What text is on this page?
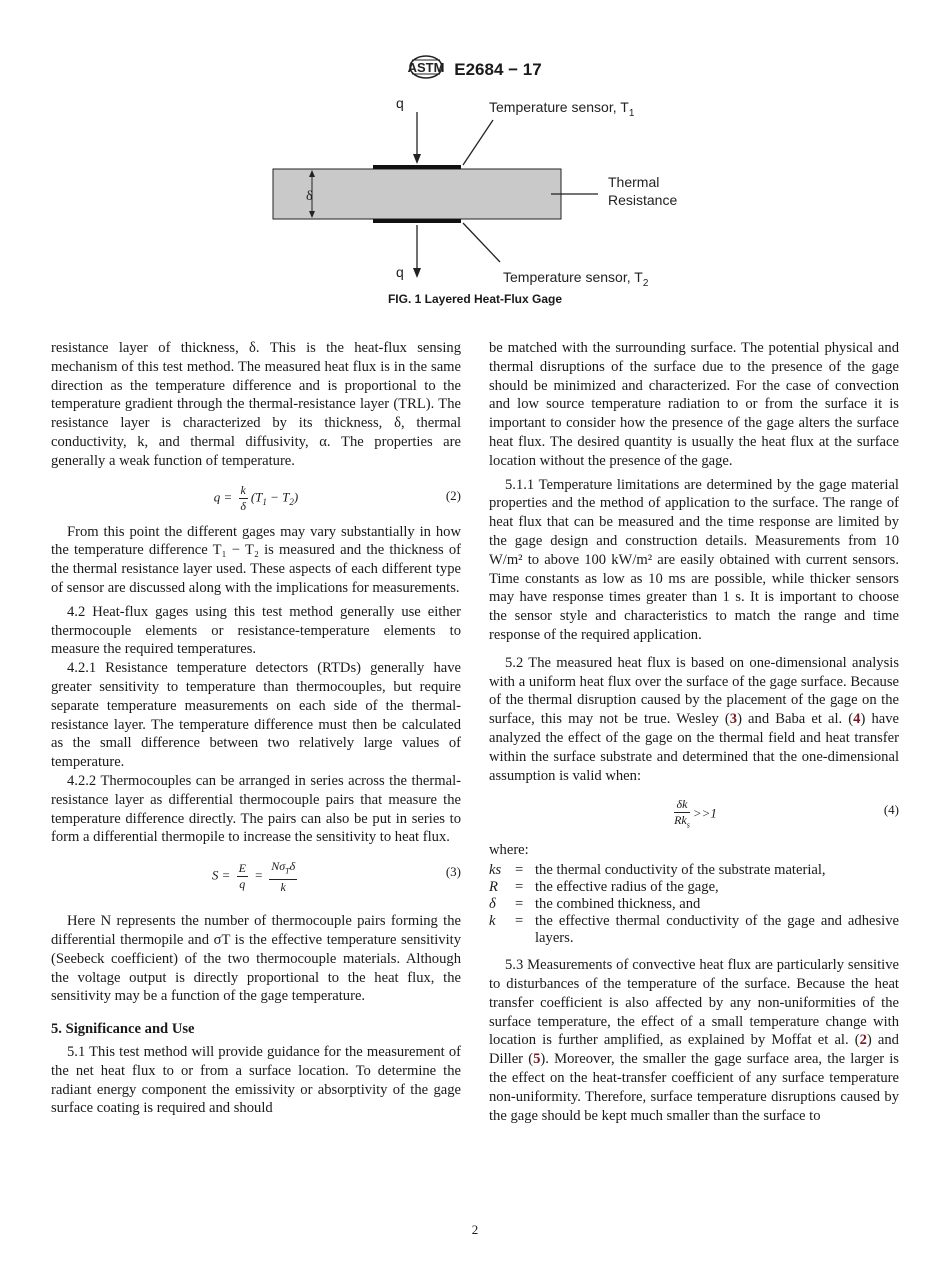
ASTM E2684 − 17
q
q
δ
Temperature sensor, $T_1$
Temperature sensor, $T_2$
Thermal
Resistance
FIG. 1 Layered Heat-Flux Gage

resistance layer of thickness, δ. This is the heat-flux sensing mechanism of this test method. The measured heat flux is in the same direction as the temperature difference and is proportional to the temperature gradient through the thermal-resistance layer (TRL). The resistance layer is characterized by its thickness, δ, thermal conductivity, k, and thermal diffusivity, α. The properties are generally a weak function of temperature.

$q = \frac{k}{\delta} (T_1 - T_2)$	(2)

From this point the different gages may vary substantially in how the temperature difference T₁ − T₂ is measured and the thickness of the thermal resistance layer used. These aspects of each different type of sensor are discussed along with the implications for measurements.

4.2 Heat-flux gages using this test method generally use either thermocouple elements or resistance-temperature elements to measure the required temperatures.

4.2.1 Resistance temperature detectors (RTDs) generally have greater sensitivity to temperature than thermocouples, but require separate temperature measurements on each side of the thermal-resistance layer. The temperature difference must then be calculated as the small difference between two relatively large values of temperature.

4.2.2 Thermocouples can be arranged in series across the thermal-resistance layer as differential thermocouple pairs that measure the temperature difference directly. The pairs can also be put in series to form a differential thermopile to increase the sensitivity to heat flux.

$S = \frac{E}{q} = \frac{N\sigma_T\delta}{k}$	(3)

Here N represents the number of thermocouple pairs forming the differential thermopile and σT is the effective temperature sensitivity (Seebeck coefficient) of the two thermocouple materials. Although the voltage output is directly proportional to the heat flux, the sensitivity may be a function of the gage temperature.

5. Significance and Use

5.1 This test method will provide guidance for the measurement of the net heat flux to or from a surface location. To determine the radiant energy component the emissivity or absorptivity of the gage surface coating is required and should

be matched with the surrounding surface. The potential physical and thermal disruptions of the surface due to the presence of the gage should be minimized and characterized. For the case of convection and low source temperature radiation to or from the surface it is important to consider how the presence of the gage alters the surface heat flux. The desired quantity is usually the heat flux at the surface location without the presence of the gage.

5.1.1 Temperature limitations are determined by the gage material properties and the method of application to the surface. The range of heat flux that can be measured and the time response are limited by the gage design and construction details. Measurements from 10 W/m² to above 100 kW/m² are easily obtained with current sensors. Time constants as low as 10 ms are possible, while thicker sensors may have response times greater than 1 s. It is important to choose the sensor style and characteristics to match the range and time response of the required application.

5.2 The measured heat flux is based on one-dimensional analysis with a uniform heat flux over the surface of the gage surface. Because of the thermal disruption caused by the placement of the gage on the surface, this may not be true. Wesley (3) and Baba et al. (4) have analyzed the effect of the gage on the thermal field and heat transfer within the surface substrate and determined that the one-dimensional assumption is valid when:

$\frac{\delta k}{Rk_s} >>1$	(4)

where:

ks = the thermal conductivity of the substrate material,
R	= the effective radius of the gage,
δ	= the combined thickness, and
k	= the effective thermal conductivity of the gage and adhesive layers.

5.3 Measurements of convective heat flux are particularly sensitive to disturbances of the temperature of the surface. Because the heat transfer coefficient is also affected by any non-uniformities of the surface temperature, the effect of a small temperature change with location is further amplified, as explained by Moffat et al. (2) and Diller (5). Moreover, the smaller the gage surface area, the larger is the effect on the heat-transfer coefficient of any surface temperature non-uniformity. Therefore, surface temperature disruptions caused by the gage should be kept much smaller than the surface to

2
